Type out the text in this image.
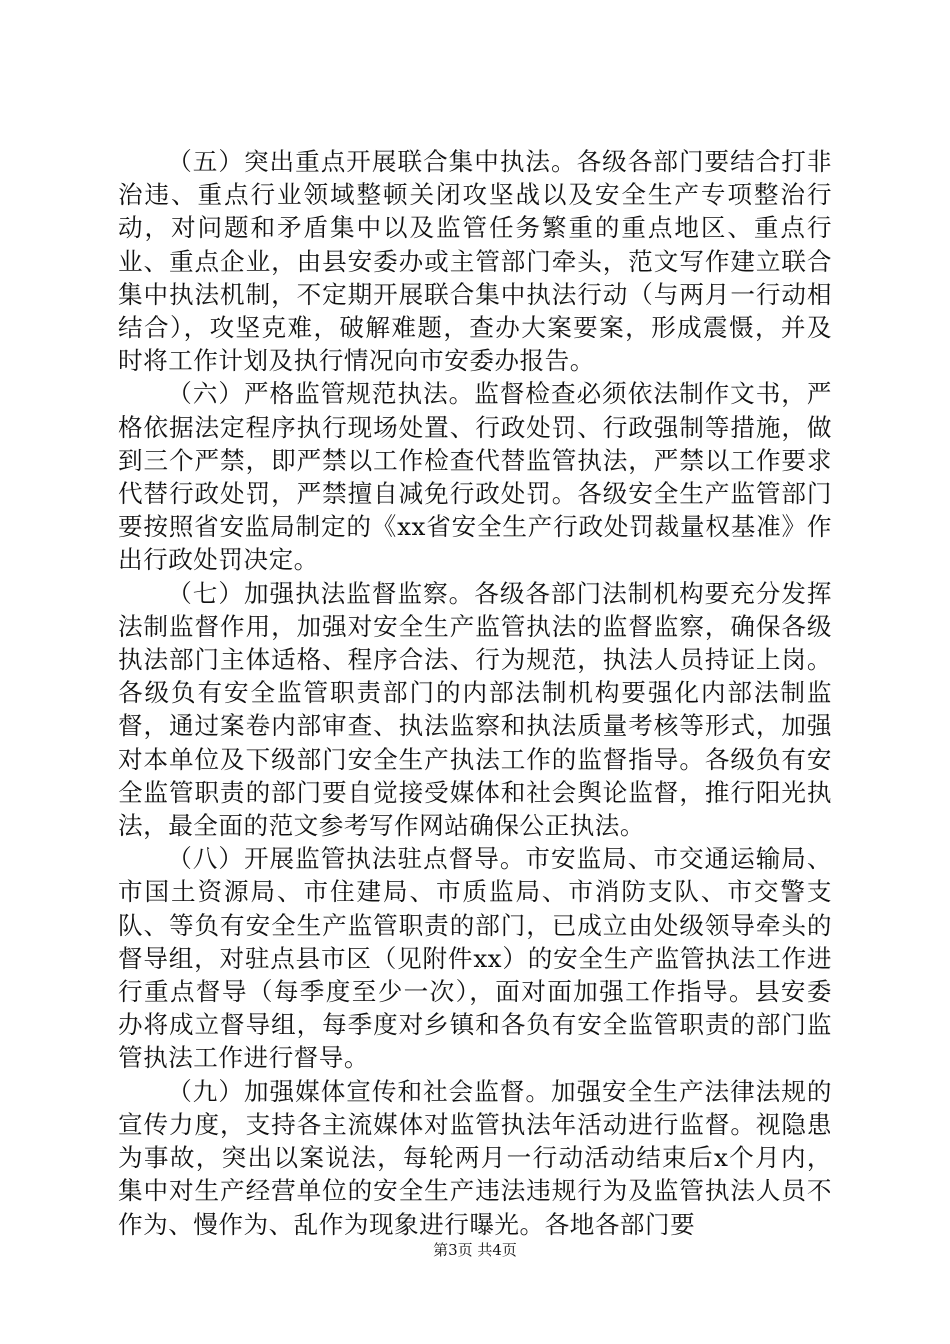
（五）突出重点开展联合集中执法。各级各部门要结合打非治违、重点行业领域整顿关闭攻坚战以及安全生产专项整治行动，对问题和矛盾集中以及监管任务繁重的重点地区、重点行业、重点企业，由县安委办或主管部门牵头，范文写作建立联合集中执法机制，不定期开展联合集中执法行动（与两月一行动相结合），攻坚克难，破解难题，查办大案要案，形成震慑，并及时将工作计划及执行情况向市安委办报告。

（六）严格监管规范执法。监督检查必须依法制作文书，严格依据法定程序执行现场处置、行政处罚、行政强制等措施，做到三个严禁，即严禁以工作检查代替监管执法，严禁以工作要求代替行政处罚，严禁擅自减免行政处罚。各级安全生产监管部门要按照省安监局制定的《xx省安全生产行政处罚裁量权基准》作出行政处罚决定。

（七）加强执法监督监察。各级各部门法制机构要充分发挥法制监督作用，加强对安全生产监管执法的监督监察，确保各级执法部门主体适格、程序合法、行为规范，执法人员持证上岗。各级负有安全监管职责部门的内部法制机构要强化内部法制监督，通过案卷内部审查、执法监察和执法质量考核等形式，加强对本单位及下级部门安全生产执法工作的监督指导。各级负有安全监管职责的部门要自觉接受媒体和社会舆论监督，推行阳光执法，最全面的范文参考写作网站确保公正执法。

（八）开展监管执法驻点督导。市安监局、市交通运输局、市国土资源局、市住建局、市质监局、市消防支队、市交警支队、等负有安全生产监管职责的部门，已成立由处级领导牵头的督导组，对驻点县市区（见附件xx）的安全生产监管执法工作进行重点督导（每季度至少一次），面对面加强工作指导。县安委办将成立督导组，每季度对乡镇和各负有安全监管职责的部门监管执法工作进行督导。

（九）加强媒体宣传和社会监督。加强安全生产法律法规的宣传力度，支持各主流媒体对监管执法年活动进行监督。视隐患为事故，突出以案说法，每轮两月一行动活动结束后x个月内，集中对生产经营单位的安全生产违法违规行为及监管执法人员不作为、慢作为、乱作为现象进行曝光。各地各部门要

第3页 共4页
